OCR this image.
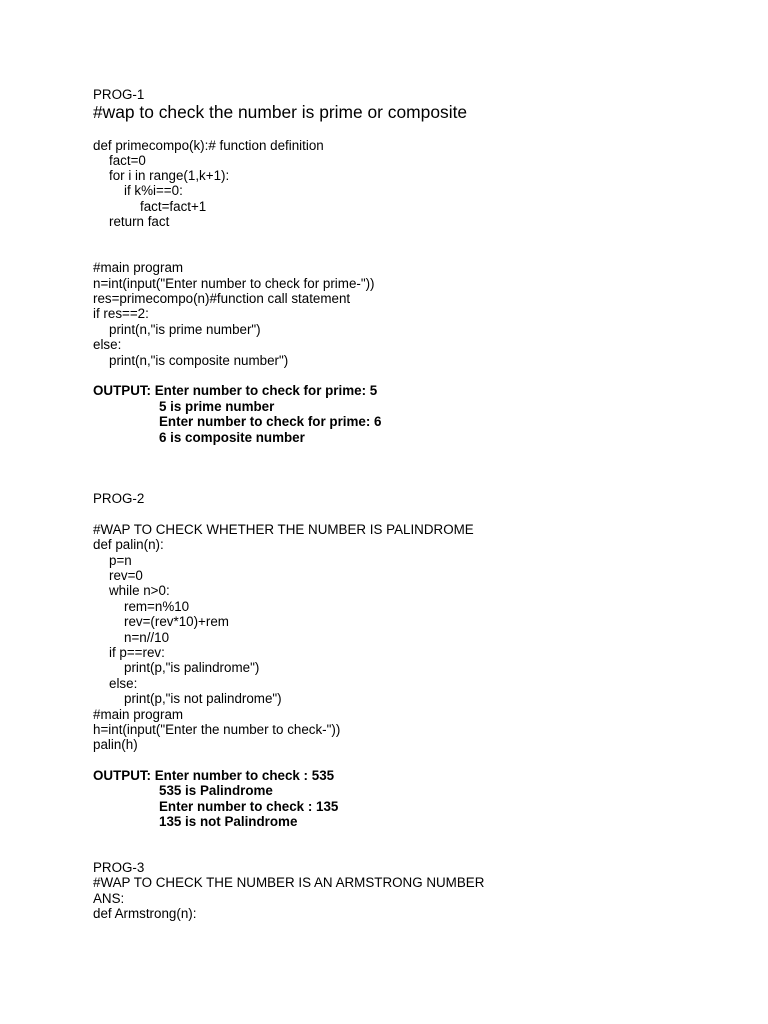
PROG-1
#wap to check the number is prime or composite
def primecompo(k):# function definition
fact=0
for i in range(1,k+1):
if k%i==0:
fact=fact+1
return fact
#main program
n=int(input("Enter number to check for prime-"))
res=primecompo(n)#function call statement
if res==2:
print(n,"is prime number")
else:
print(n,"is composite number")
OUTPUT: Enter number to check for prime: 5
5 is prime number
Enter number to check for prime: 6
6 is composite number
PROG-2
#WAP TO CHECK WHETHER THE NUMBER IS PALINDROME
def palin(n):
p=n
rev=0
while n>0:
rem=n%10
rev=(rev*10)+rem
n=n//10
if p==rev:
print(p,"is palindrome")
else:
print(p,"is not palindrome")
#main program
h=int(input("Enter the number to check-"))
palin(h)
OUTPUT: Enter number to check : 535
535 is Palindrome
Enter number to check : 135
135 is not Palindrome
PROG-3
#WAP TO CHECK THE NUMBER IS AN ARMSTRONG NUMBER
ANS:
def Armstrong(n):
